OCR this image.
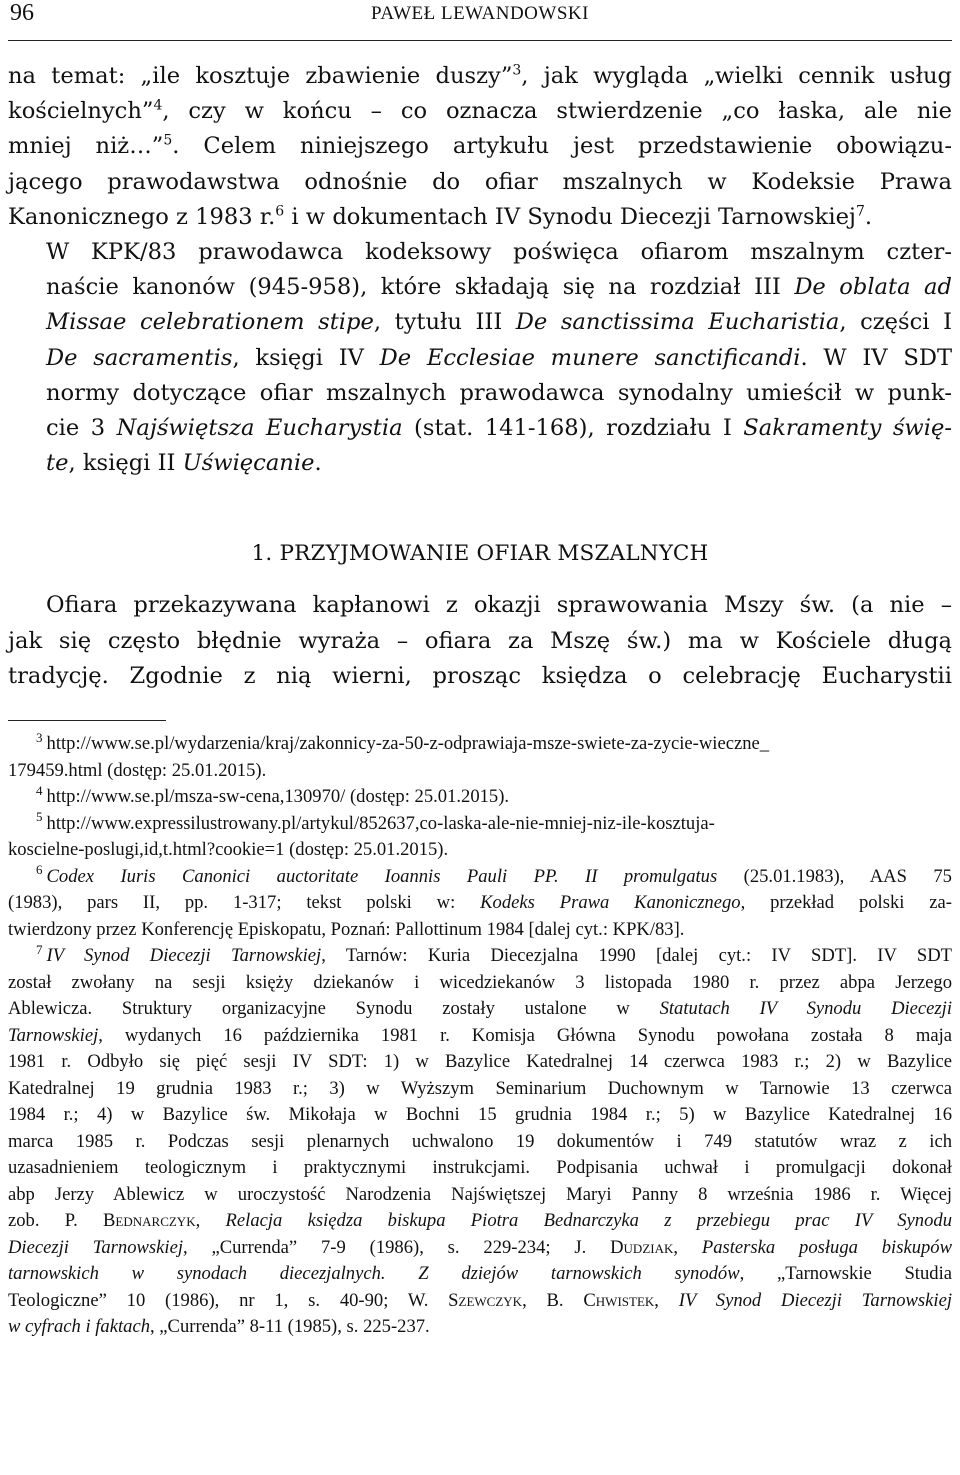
96	PAWEŁ LEWANDOWSKI

na temat: „ile kosztuje zbawienie duszy”$^3$, jak wygląda „wielki cennik usług
kościelnych”$^4$, czy w końcu – co oznacza stwierdzenie „co łaska, ale nie
mniej niż…”$^5$. Celem niniejszego artykułu jest przedstawienie obowiązu-
jącego prawodawstwa odnośnie do ofiar mszalnych w Kodeksie Prawa
Kanonicznego z 1983 r.$^6$ i w dokumentach IV Synodu Diecezji Tarnowskiej$^7$.

W KPK/83 prawodawca kodeksowy poświęca ofiarom mszalnym czter-
naście kanonów (945-958), które składają się na rozdział III De oblata ad
Missae celebrationem stipe, tytułu III De sanctissima Eucharistia, części I
De sacramentis, księgi IV De Ecclesiae munere sanctificandi. W IV SDT
normy dotyczące ofiar mszalnych prawodawca synodalny umieścił w punk-
cie 3 Najświętsza Eucharystia (stat. 141-168), rozdziału I Sakramenty świę-
te, księgi II Uświęcanie.

1. PRZYJMOWANIE OFIAR MSZALNYCH

Ofiara przekazywana kapłanowi z okazji sprawowania Mszy św. (a nie –
jak się często błędnie wyraża – ofiara za Mszę św.) ma w Kościele długą
tradycję. Zgodnie z nią wierni, prosząc księdza o celebrację Eucharystii

$^3$ http://www.se.pl/wydarzenia/kraj/zakonnicy-za-50-z-odprawiaja-msze-swiete-za-zycie-wieczne_
179459.html (dostęp: 25.01.2015).

$^4$ http://www.se.pl/msza-sw-cena,130970/ (dostęp: 25.01.2015).

$^5$ http://www.expressilustrowany.pl/artykul/852637,co-laska-ale-nie-mniej-niz-ile-kosztuja-
koscielne-poslugi,id,t.html?cookie=1 (dostęp: 25.01.2015).

$^6$ Codex Iuris Canonici auctoritate Ioannis Pauli PP. II promulgatus (25.01.1983), AAS 75
(1983), pars II, pp. 1-317; tekst polski w: Kodeks Prawa Kanonicznego, przekład polski za-
twierdzony przez Konferencję Episkopatu, Poznań: Pallottinum 1984 [dalej cyt.: KPK/83].

$^7$ IV Synod Diecezji Tarnowskiej, Tarnów: Kuria Diecezjalna 1990 [dalej cyt.: IV SDT]. IV SDT
został zwołany na sesji księży dziekanów i wicedziekanów 3 listopada 1980 r. przez abpa Jerzego
Ablewicza. Struktury organizacyjne Synodu zostały ustalone w Statutach IV Synodu Diecezji
Tarnowskiej, wydanych 16 października 1981 r. Komisja Główna Synodu powołana została 8 maja
1981 r. Odbyło się pięć sesji IV SDT: 1) w Bazylice Katedralnej 14 czerwca 1983 r.; 2) w Bazylice
Katedralnej 19 grudnia 1983 r.; 3) w Wyższym Seminarium Duchownym w Tarnowie 13 czerwca
1984 r.; 4) w Bazylice św. Mikołaja w Bochni 15 grudnia 1984 r.; 5) w Bazylice Katedralnej 16
marca 1985 r. Podczas sesji plenarnych uchwalono 19 dokumentów i 749 statutów wraz z ich
uzasadnieniem teologicznym i praktycznymi instrukcjami. Podpisania uchwał i promulgacji dokonał
abp Jerzy Ablewicz w uroczystość Narodzenia Najświętszej Maryi Panny 8 września 1986 r. Więcej
zob. P. Bednarczyk, Relacja księdza biskupa Piotra Bednarczyka z przebiegu prac IV Synodu
Diecezji Tarnowskiej, „Currenda” 7-9 (1986), s. 229-234; J. Dudziak, Pasterska posługa biskupów
tarnowskich w synodach diecezjalnych. Z dziejów tarnowskich synodów, „Tarnowskie Studia
Teologiczne” 10 (1986), nr 1, s. 40-90; W. Szewczyk, B. Chwistek, IV Synod Diecezji Tarnowskiej
w cyfrach i faktach, „Currenda” 8-11 (1985), s. 225-237.
